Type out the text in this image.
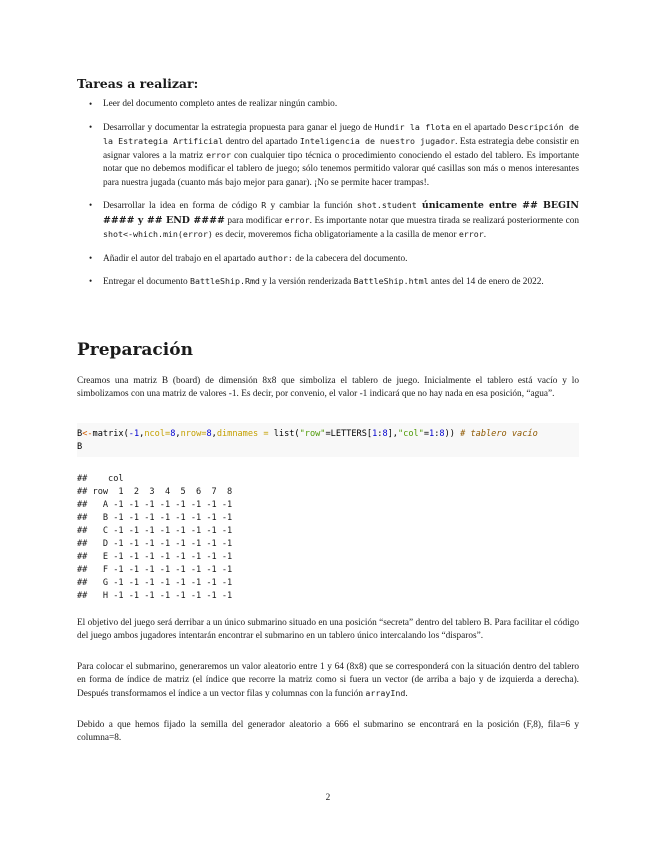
Tareas a realizar:
• Leer del documento completo antes de realizar ningún cambio.
• Desarrollar y documentar la estrategia propuesta para ganar el juego de Hundir la flota en el apartado Descripción de la Estrategia Artificial dentro del apartado Inteligencia de nuestro jugador. Esta estrategia debe consistir en asignar valores a la matriz error con cualquier tipo técnica o procedimiento conociendo el estado del tablero. Es importante notar que no debemos modificar el tablero de juego; sólo tenemos permitido valorar qué casillas son más o menos interesantes para nuestra jugada (cuanto más bajo mejor para ganar). ¡No se permite hacer trampas!.
• Desarrollar la idea en forma de código R y cambiar la función shot.student únicamente entre ## BEGIN #### y ## END #### para modificar error. Es importante notar que muestra tirada se realizará posteriormente con shot<-which.min(error) es decir, moveremos ficha obligatoriamente a la casilla de menor error.
• Añadir el autor del trabajo en el apartado author: de la cabecera del documento.
• Entregar el documento BattleShip.Rmd y la versión renderizada BattleShip.html antes del 14 de enero de 2022.
Preparación

Creamos una matriz B (board) de dimensión 8x8 que simboliza el tablero de juego. Inicialmente el tablero está vacío y lo simbolizamos con una matriz de valores -1. Es decir, por convenio, el valor -1 indicará que no hay nada en esa posición, “agua”.

B<-matrix(-1,ncol=8,nrow=8,dimnames = list("row"=LETTERS[1:8],"col"=1:8)) # tablero vacío
B
##    col
## row  1  2  3  4  5  6  7  8
##   A -1 -1 -1 -1 -1 -1 -1 -1
##   B -1 -1 -1 -1 -1 -1 -1 -1
##   C -1 -1 -1 -1 -1 -1 -1 -1
##   D -1 -1 -1 -1 -1 -1 -1 -1
##   E -1 -1 -1 -1 -1 -1 -1 -1
##   F -1 -1 -1 -1 -1 -1 -1 -1
##   G -1 -1 -1 -1 -1 -1 -1 -1
##   H -1 -1 -1 -1 -1 -1 -1 -1

El objetivo del juego será derribar a un único submarino situado en una posición “secreta” dentro del tablero B. Para facilitar el código del juego ambos jugadores intentarán encontrar el submarino en un tablero único intercalando los “disparos”.

Para colocar el submarino, generaremos un valor aleatorio entre 1 y 64 (8x8) que se corresponderá con la situación dentro del tablero en forma de índice de matriz (el índice que recorre la matriz como si fuera un vector (de arriba a bajo y de izquierda a derecha). Después transformamos el índice a un vector filas y columnas con la función arrayInd.

Debido a que hemos fijado la semilla del generador aleatorio a 666 el submarino se encontrará en la posición (F,8), fila=6 y columna=8.

2
